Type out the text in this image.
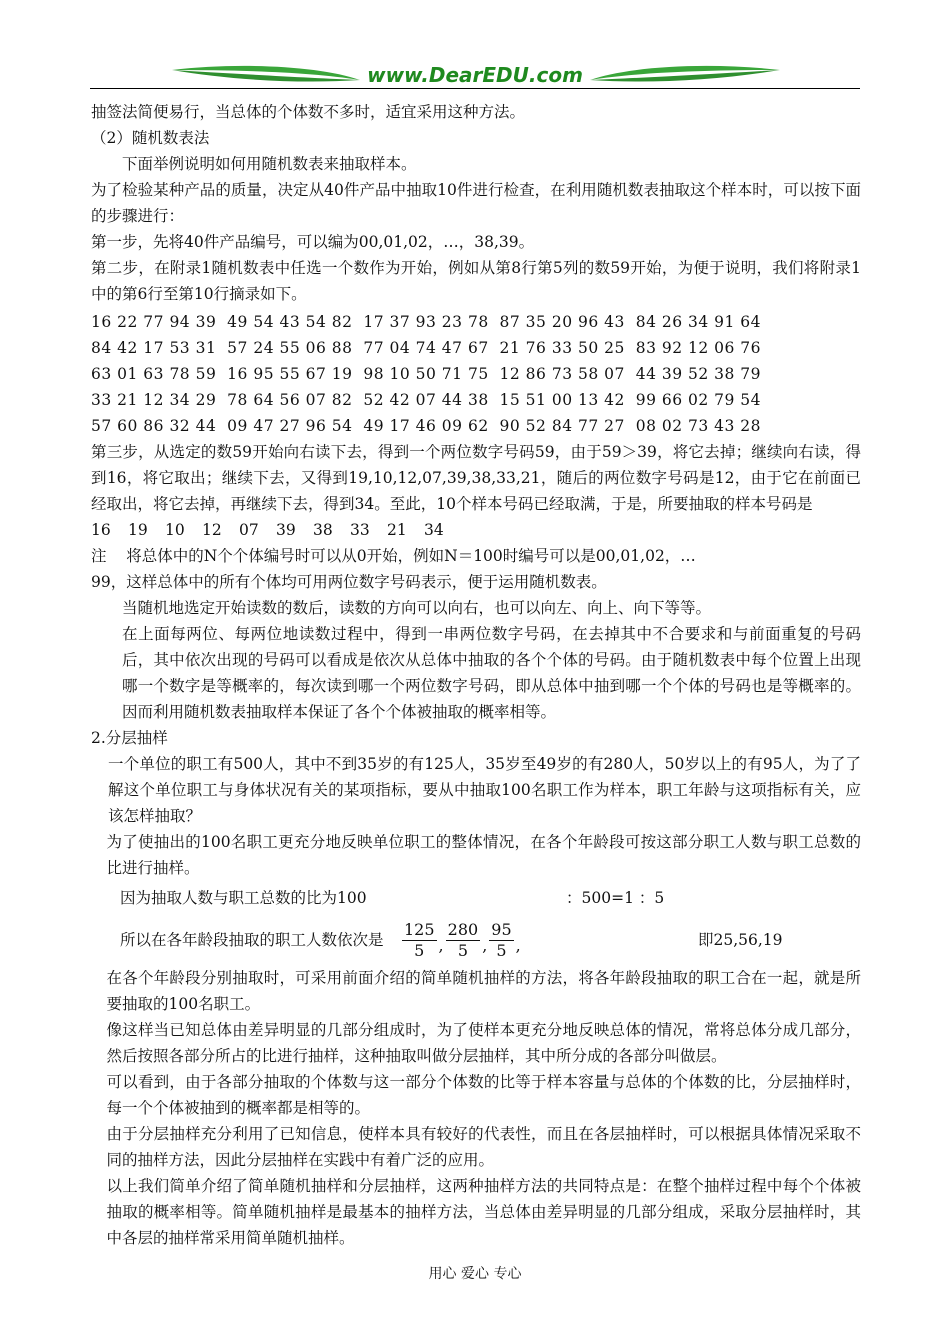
www.DearEDU.com

抽签法简便易行，当总体的个体数不多时，适宜采用这种方法。

（2）随机数表法

下面举例说明如何用随机数表来抽取样本。

为了检验某种产品的质量，决定从40件产品中抽取10件进行检查，在利用随机数表抽取这个样本时，可以按下面的步骤进行：

第一步，先将40件产品编号，可以编为00,01,02，…，38,39。

第二步，在附录1随机数表中任选一个数作为开始，例如从第8行第5列的数59开始，为便于说明，我们将附录1中的第6行至第10行摘录如下。

16 22 77 94 39  49 54 43 54 82  17 37 93 23 78  87 35 20 96 43  84 26 34 91 64

84 42 17 53 31  57 24 55 06 88  77 04 74 47 67  21 76 33 50 25  83 92 12 06 76

63 01 63 78 59  16 95 55 67 19  98 10 50 71 75  12 86 73 58 07  44 39 52 38 79

33 21 12 34 29  78 64 56 07 82  52 42 07 44 38  15 51 00 13 42  99 66 02 79 54

57 60 86 32 44  09 47 27 96 54  49 17 46 09 62  90 52 84 77 27  08 02 73 43 28

第三步，从选定的数59开始向右读下去，得到一个两位数字号码59，由于59＞39，将它去掉；继续向右读，得到16，将它取出；继续下去，又得到19,10,12,07,39,38,33,21，随后的两位数字号码是12，由于它在前面已经取出，将它去掉，再继续下去，得到34。至此，10个样本号码已经取满，于是，所要抽取的样本号码是

16	19	10	12	07	39	38	33	21	34

注    将总体中的N个个体编号时可以从0开始，例如N＝100时编号可以是00,01,02，…

99，这样总体中的所有个体均可用两位数字号码表示，便于运用随机数表。

当随机地选定开始读数的数后，读数的方向可以向右，也可以向左、向上、向下等等。

在上面每两位、每两位地读数过程中，得到一串两位数字号码，在去掉其中不合要求和与前面重复的号码后，其中依次出现的号码可以看成是依次从总体中抽取的各个个体的号码。由于随机数表中每个位置上出现哪一个数字是等概率的，每次读到哪一个两位数字号码，即从总体中抽到哪一个个体的号码也是等概率的。因而利用随机数表抽取样本保证了各个个体被抽取的概率相等。

2.分层抽样

一个单位的职工有500人，其中不到35岁的有125人，35岁至49岁的有280人，50岁以上的有95人，为了了解这个单位职工与身体状况有关的某项指标，要从中抽取100名职工作为样本，职工年龄与这项指标有关，应该怎样抽取？

为了使抽出的100名职工更充分地反映单位职工的整体情况，在各个年龄段可按这部分职工人数与职工总数的比进行抽样。

因为抽取人数与职工总数的比为100	：500=1 ：5
所以在各年龄段抽取的职工人数依次是 $\frac{125}{5}$ , $\frac{280}{5}$ , $\frac{95}{5}$ ,	即25,56,19

在各个年龄段分别抽取时，可采用前面介绍的简单随机抽样的方法，将各年龄段抽取的职工合在一起，就是所要抽取的100名职工。

像这样当已知总体由差异明显的几部分组成时，为了使样本更充分地反映总体的情况，常将总体分成几部分，然后按照各部分所占的比进行抽样，这种抽取叫做分层抽样，其中所分成的各部分叫做层。

可以看到，由于各部分抽取的个体数与这一部分个体数的比等于样本容量与总体的个体数的比，分层抽样时，每一个个体被抽到的概率都是相等的。

由于分层抽样充分利用了已知信息，使样本具有较好的代表性，而且在各层抽样时，可以根据具体情况采取不同的抽样方法，因此分层抽样在实践中有着广泛的应用。

以上我们简单介绍了简单随机抽样和分层抽样，这两种抽样方法的共同特点是：在整个抽样过程中每个个体被抽取的概率相等。简单随机抽样是最基本的抽样方法，当总体由差异明显的几部分组成，采取分层抽样时，其中各层的抽样常采用简单随机抽样。

用心 爱心 专心
